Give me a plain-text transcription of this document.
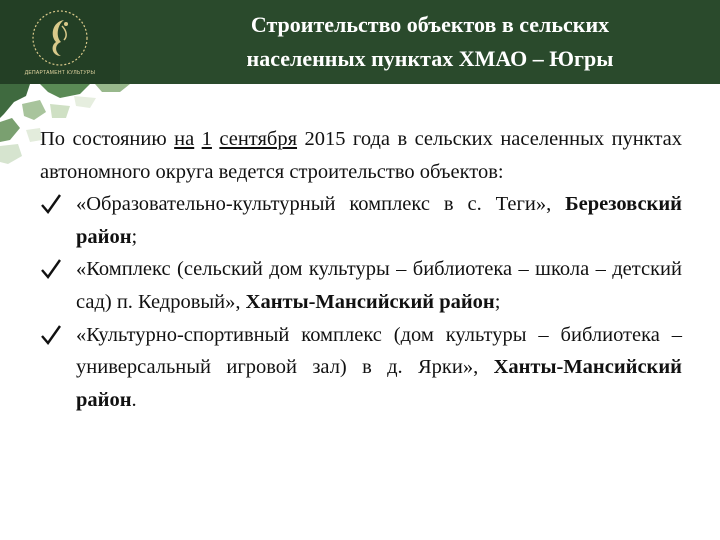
ДЕПАРТАМЕНТ КУЛЬТУРЫ
Строительство объектов в сельских
населенных пунктах ХМАО – Югры

По состоянию на 1 сентября 2015 года в сельских населенных пунктах автономного округа ведется строительство объектов:

«Образовательно-культурный комплекс в с. Теги», Березовский район;
«Комплекс (сельский дом культуры – библиотека – школа – детский сад) п. Кедровый», Ханты-Мансийский район;
«Культурно-спортивный комплекс (дом культуры – библиотека – универсальный игровой зал) в д. Ярки», Ханты-Мансийский район.
